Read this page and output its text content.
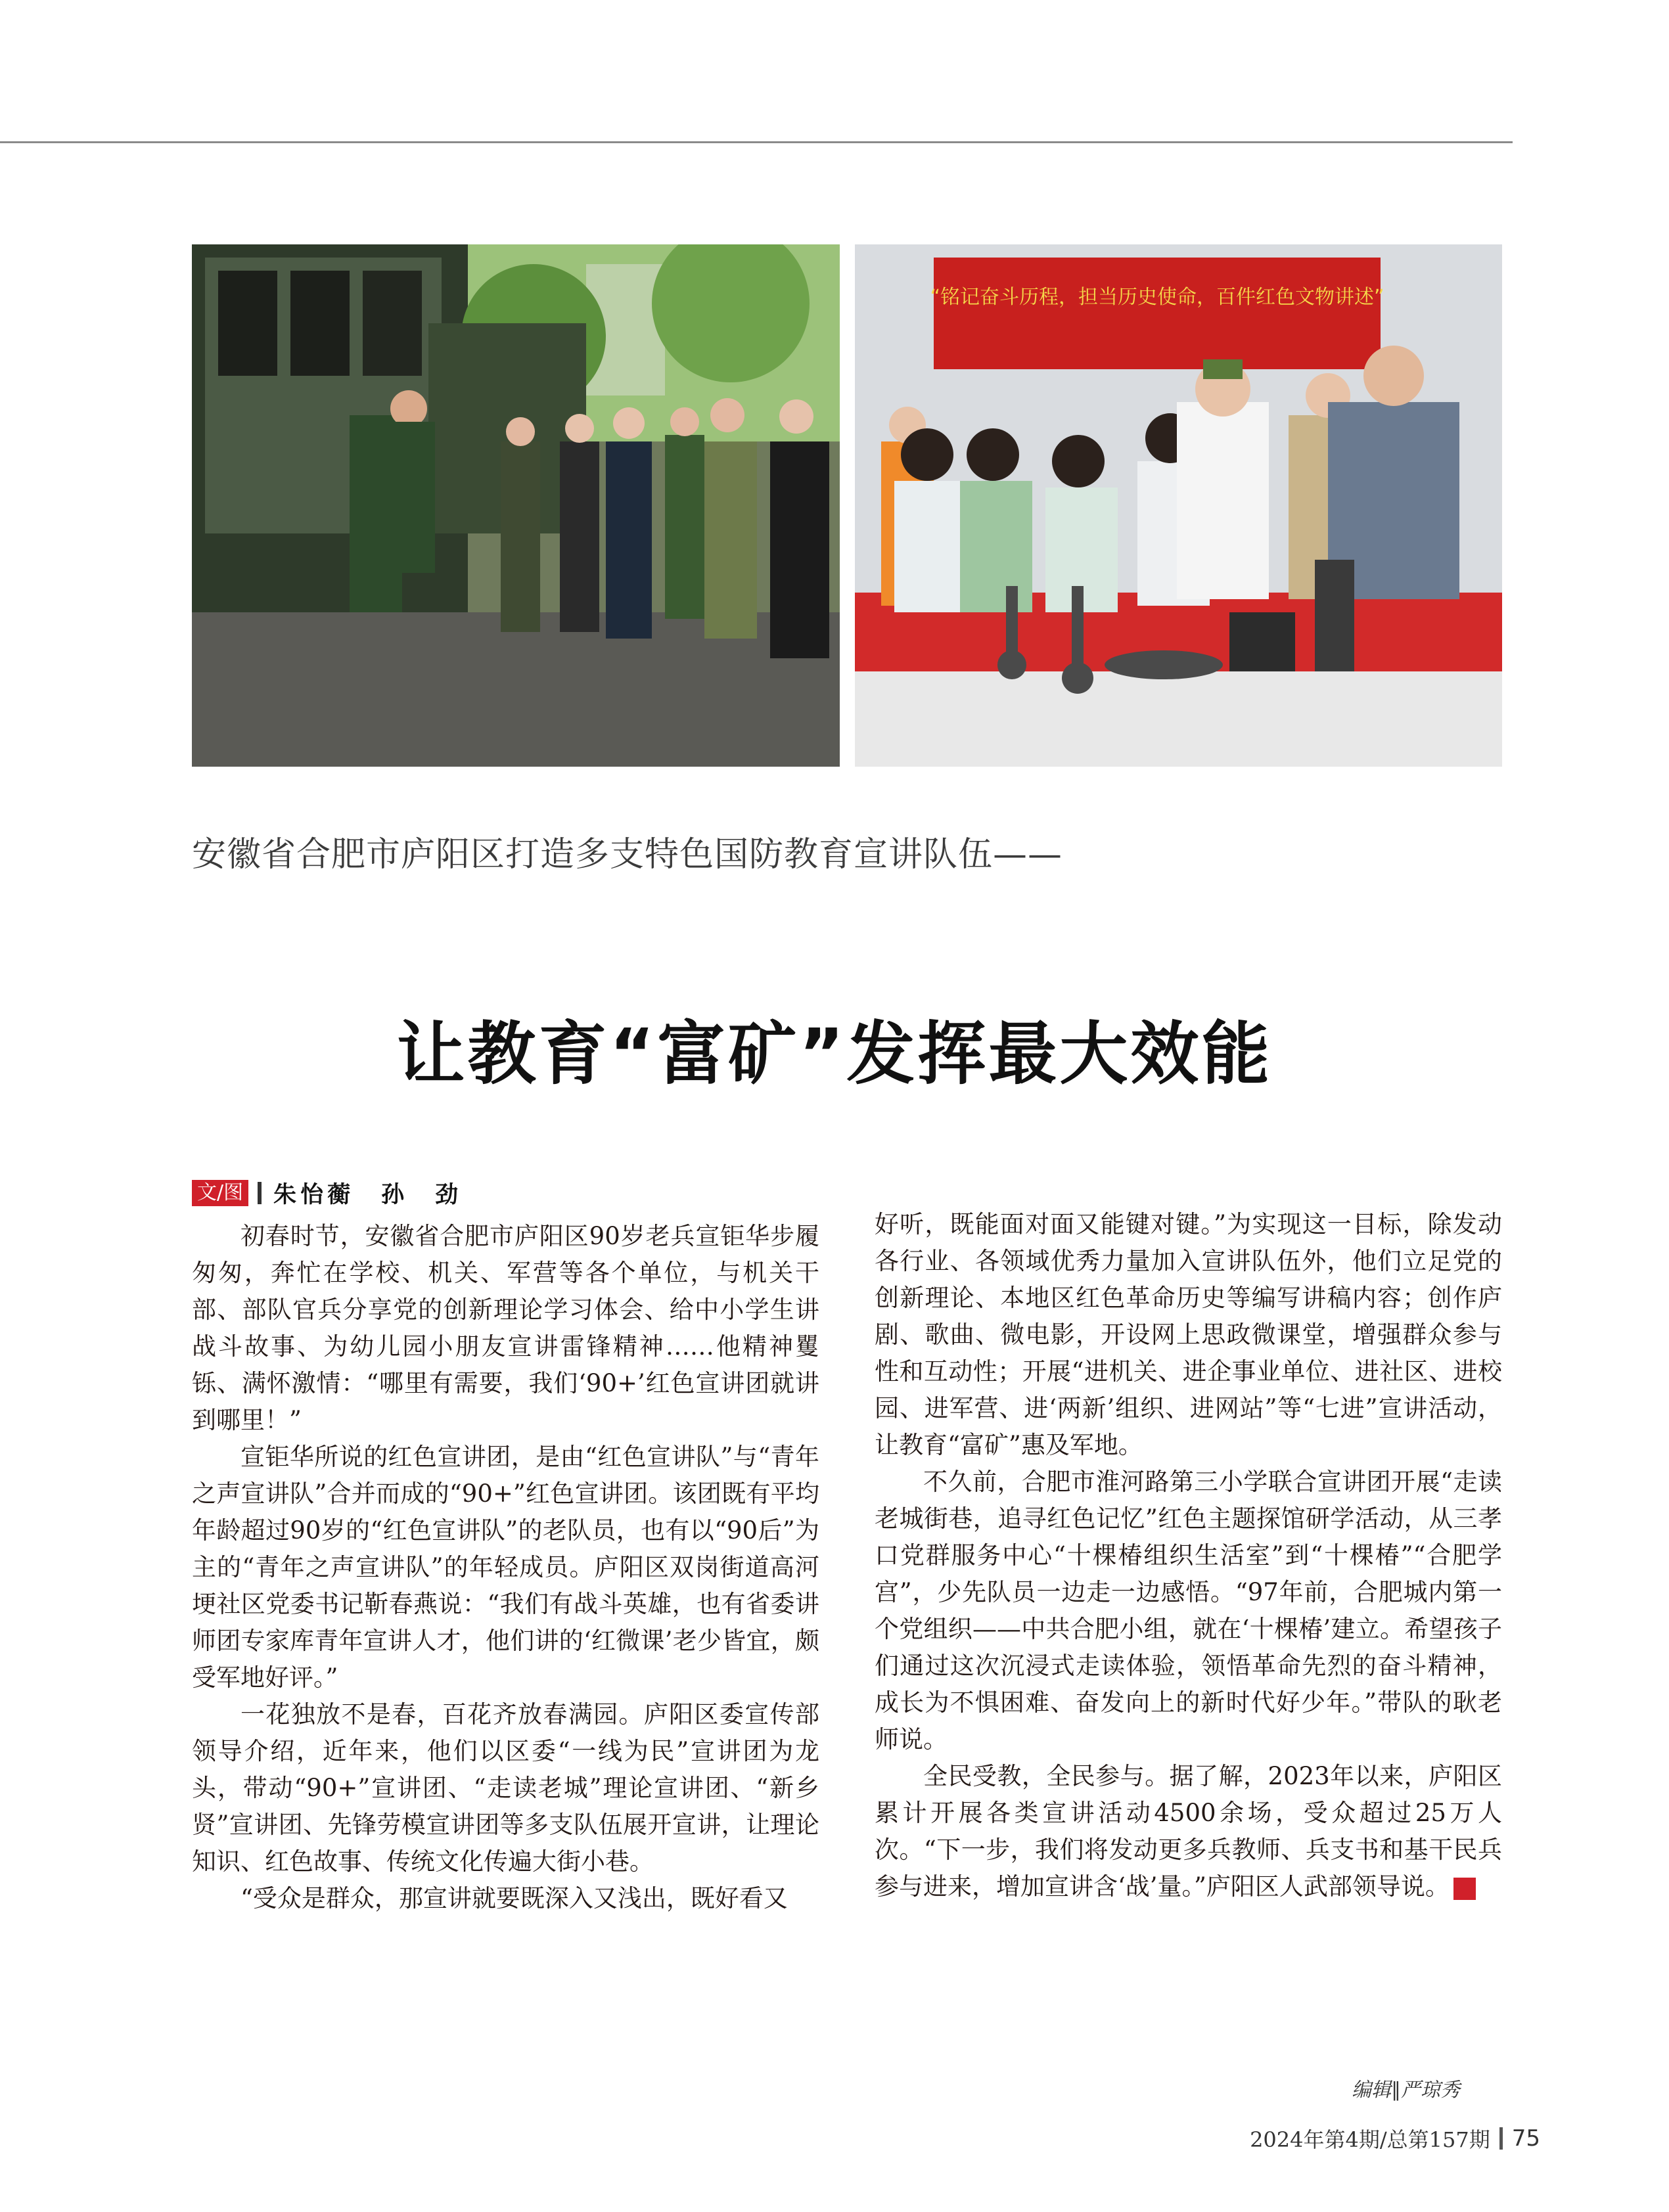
“铭记奋斗历程，担当历史使命，百件红色文物讲述”
安徽省合肥市庐阳区打造多支特色国防教育宣讲队伍——
让教育“富矿”发挥最大效能
文/图 朱怡蘅　孙　劲

初春时节，安徽省合肥市庐阳区90岁老兵宣钜华步履匆匆，奔忙在学校、机关、军营等各个单位，与机关干部、部队官兵分享党的创新理论学习体会、给中小学生讲战斗故事、为幼儿园小朋友宣讲雷锋精神……他精神矍铄、满怀激情：“哪里有需要，我们‘90+’红色宣讲团就讲到哪里！”

宣钜华所说的红色宣讲团，是由“红色宣讲队”与“青年之声宣讲队”合并而成的“90+”红色宣讲团。该团既有平均年龄超过90岁的“红色宣讲队”的老队员，也有以“90后”为主的“青年之声宣讲队”的年轻成员。庐阳区双岗街道高河埂社区党委书记靳春燕说：“我们有战斗英雄，也有省委讲师团专家库青年宣讲人才，他们讲的‘红微课’老少皆宜，颇受军地好评。”

一花独放不是春，百花齐放春满园。庐阳区委宣传部领导介绍，近年来，他们以区委“一线为民”宣讲团为龙头，带动“90+”宣讲团、“走读老城”理论宣讲团、“新乡贤”宣讲团、先锋劳模宣讲团等多支队伍展开宣讲，让理论知识、红色故事、传统文化传遍大街小巷。

“受众是群众，那宣讲就要既深入又浅出，既好看又

好听，既能面对面又能键对键。”为实现这一目标，除发动各行业、各领域优秀力量加入宣讲队伍外，他们立足党的创新理论、本地区红色革命历史等编写讲稿内容；创作庐剧、歌曲、微电影，开设网上思政微课堂，增强群众参与性和互动性；开展“进机关、进企事业单位、进社区、进校园、进军营、进‘两新’组织、进网站”等“七进”宣讲活动，让教育“富矿”惠及军地。

不久前，合肥市淮河路第三小学联合宣讲团开展“走读老城街巷，追寻红色记忆”红色主题探馆研学活动，从三孝口党群服务中心“十棵椿组织生活室”到“十棵椿”“合肥学宫”，少先队员一边走一边感悟。“97年前，合肥城内第一个党组织——中共合肥小组，就在‘十棵椿’建立。希望孩子们通过这次沉浸式走读体验，领悟革命先烈的奋斗精神，成长为不惧困难、奋发向上的新时代好少年。”带队的耿老师说。

全民受教，全民参与。据了解，2023年以来，庐阳区累计开展各类宣讲活动4500余场，受众超过25万人次。“下一步，我们将发动更多兵教师、兵支书和基干民兵参与进来，增加宣讲含‘战’量。”庐阳区人武部领导说。	G

编辑∥严琼秀
2024年第4期/总第157期 75
